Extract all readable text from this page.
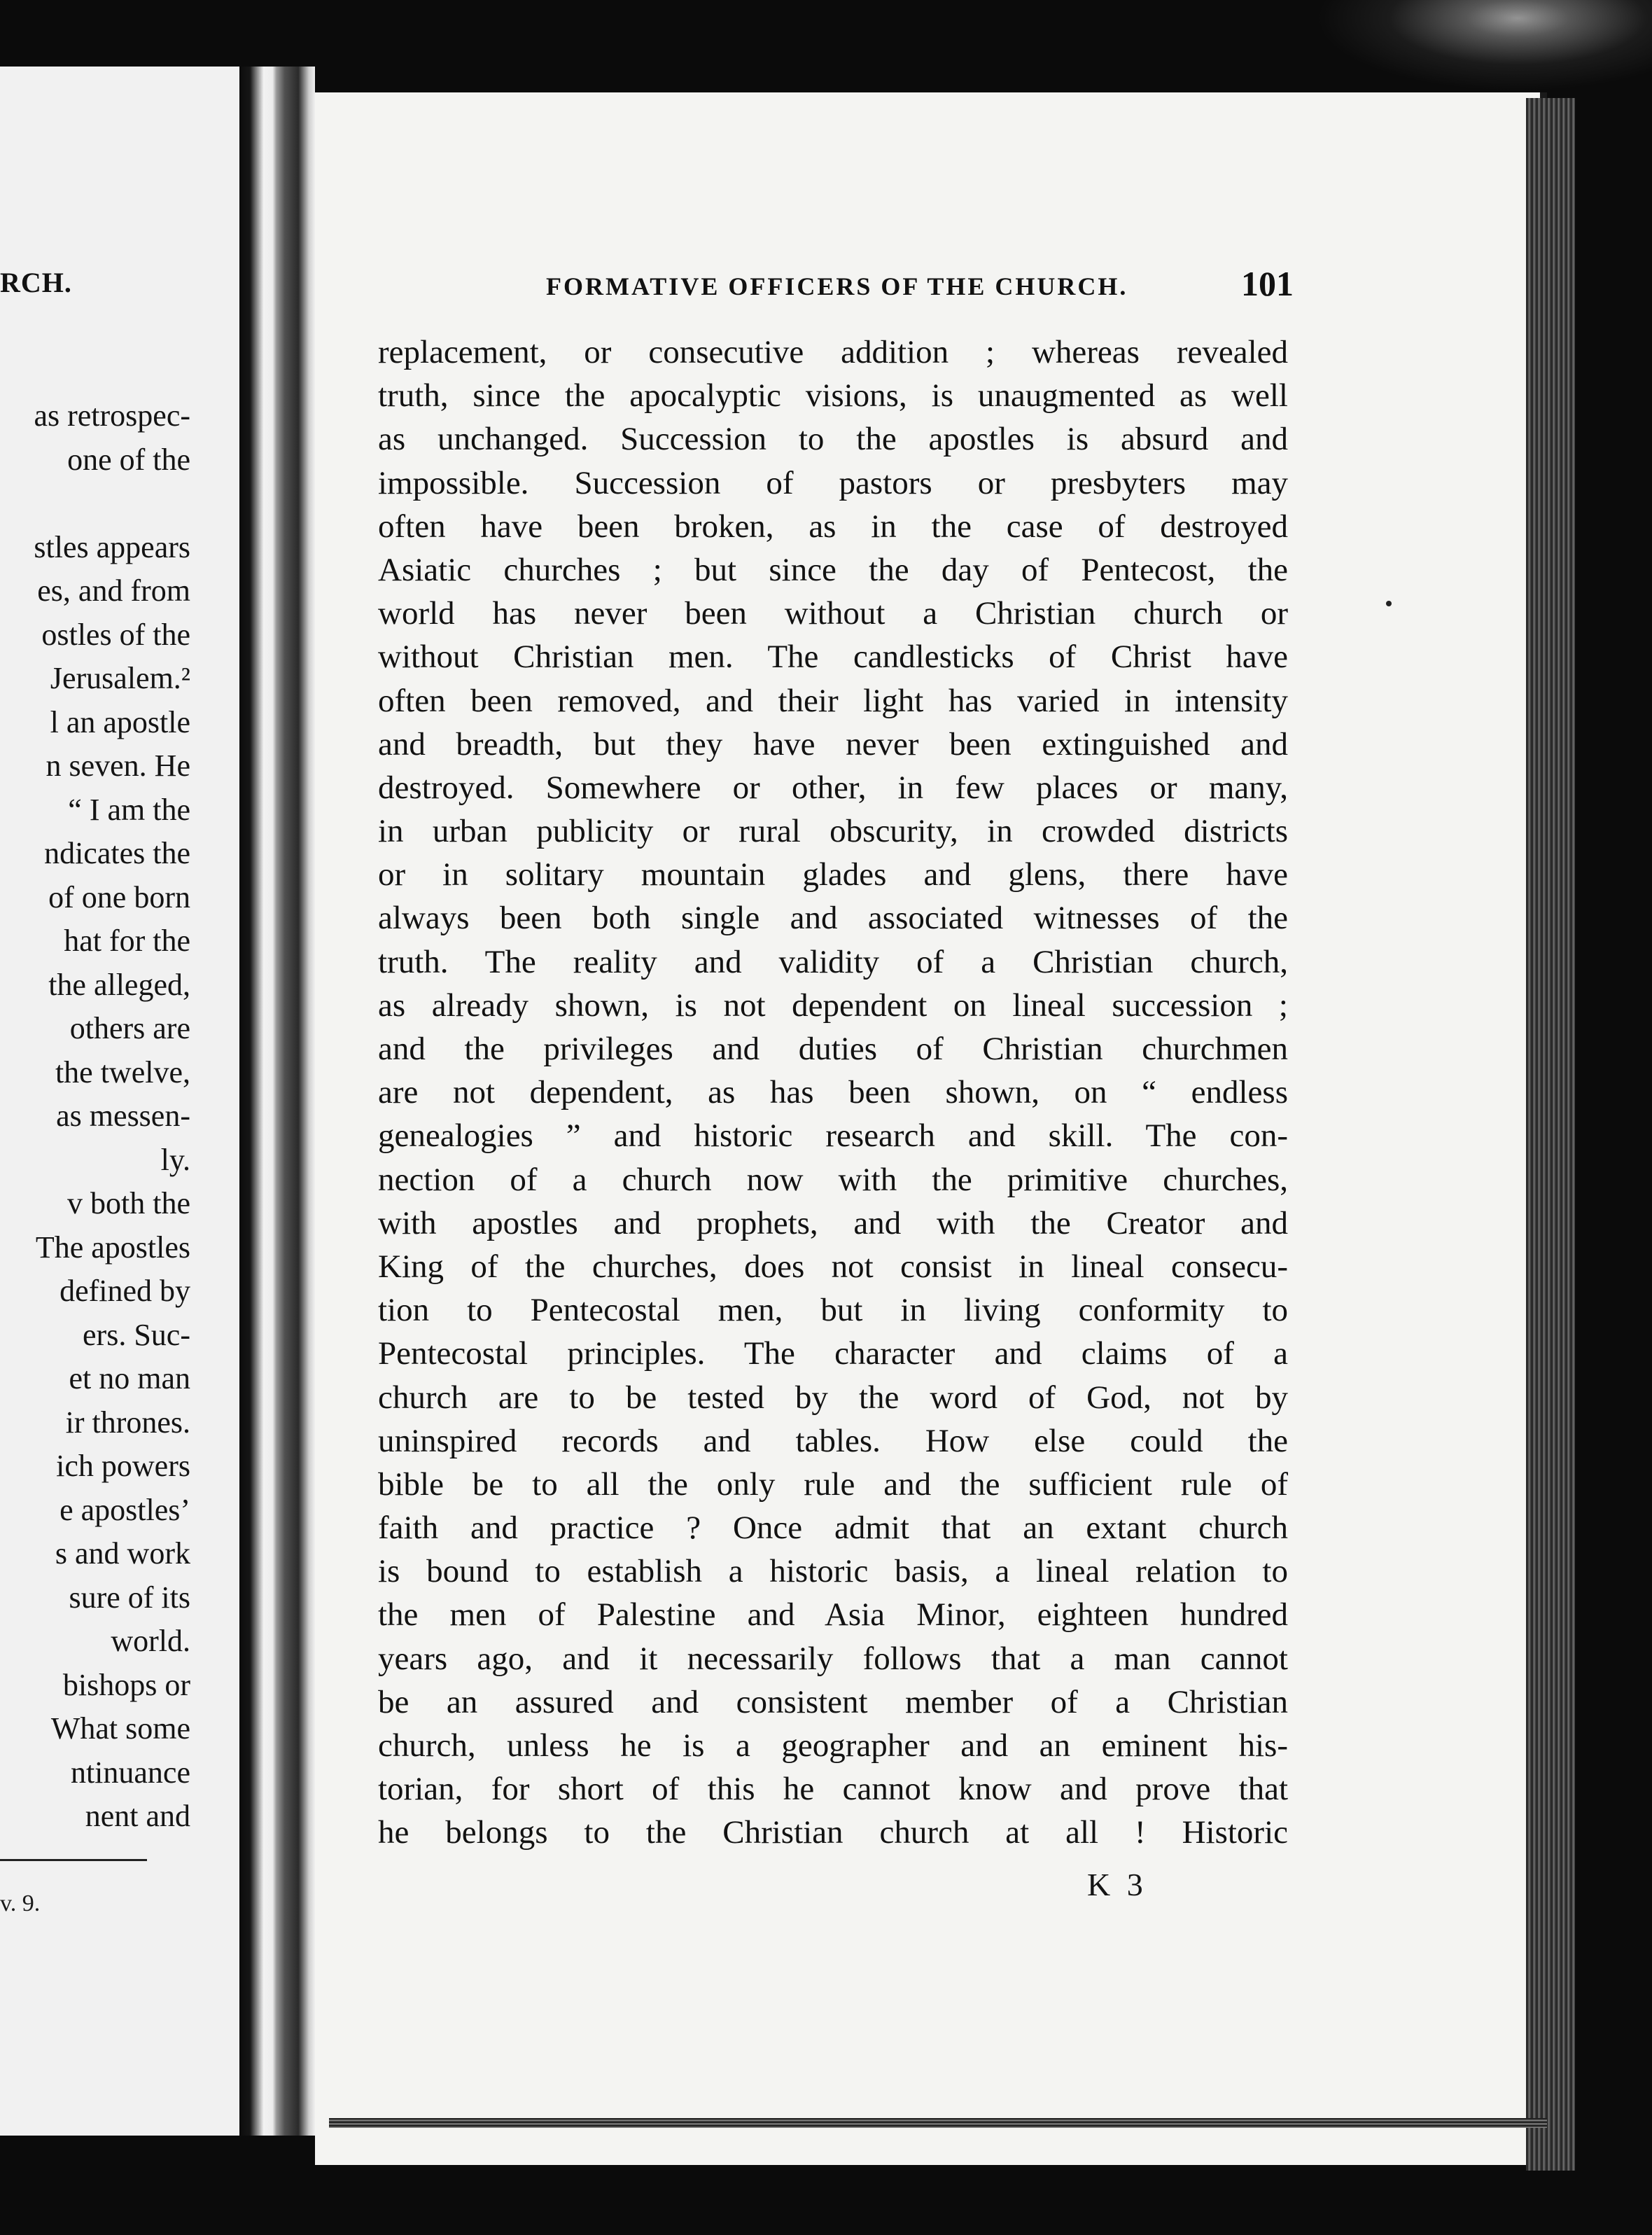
RCH.
as retrospec-
one of the
stles appears
es, and from
ostles of the
Jerusalem.²
l an apostle
n seven. He
“ I am the
ndicates the
of one born
hat for the
the alleged,
others are
the twelve,
as messen-
ly.
v both the
The apostles
defined by
ers. Suc-
et no man
ir thrones.
ich powers
e apostles’
s and work
sure of its
world.
bishops or
What some
ntinuance
nent and
v. 9.
FORMATIVE OFFICERS OF THE CHURCH.	101
replacement, or consecutive addition ; whereas revealed
truth, since the apocalyptic visions, is unaugmented as well
as unchanged. Succession to the apostles is absurd and
impossible. Succession of pastors or presbyters may
often have been broken, as in the case of destroyed
Asiatic churches ; but since the day of Pentecost, the
world has never been without a Christian church or
without Christian men. The candlesticks of Christ have
often been removed, and their light has varied in intensity
and breadth, but they have never been extinguished and
destroyed. Somewhere or other, in few places or many,
in urban publicity or rural obscurity, in crowded districts
or in solitary mountain glades and glens, there have
always been both single and associated witnesses of the
truth. The reality and validity of a Christian church,
as already shown, is not dependent on lineal succession ;
and the privileges and duties of Christian churchmen
are not dependent, as has been shown, on “ endless
genealogies ” and historic research and skill. The con-
nection of a church now with the primitive churches,
with apostles and prophets, and with the Creator and
King of the churches, does not consist in lineal consecu-
tion to Pentecostal men, but in living conformity to
Pentecostal principles. The character and claims of a
church are to be tested by the word of God, not by
uninspired records and tables. How else could the
bible be to all the only rule and the sufficient rule of
faith and practice ? Once admit that an extant church
is bound to establish a historic basis, a lineal relation to
the men of Palestine and Asia Minor, eighteen hundred
years ago, and it necessarily follows that a man cannot
be an assured and consistent member of a Christian
church, unless he is a geographer and an eminent his-
torian, for short of this he cannot know and prove that
he belongs to the Christian church at all ! Historic
K 3
